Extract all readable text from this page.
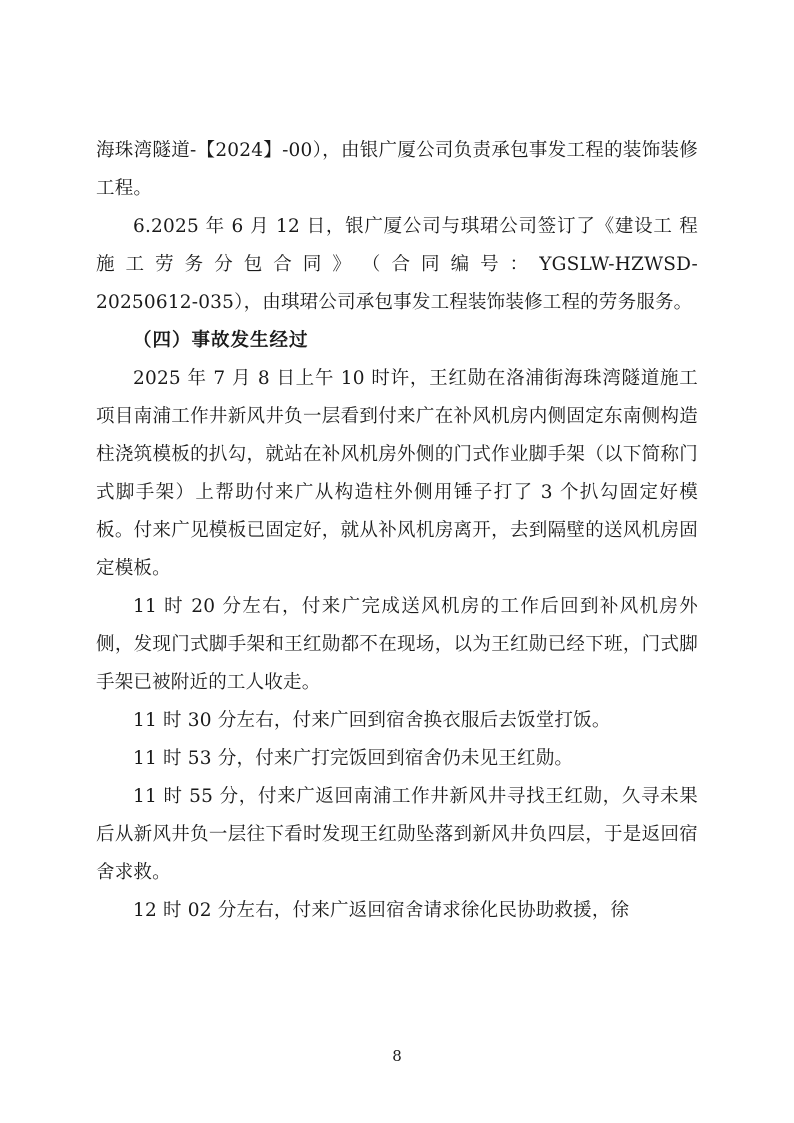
海珠湾隧道-【2024】-00），由银广厦公司负责承包事发工程的装饰装修工程。

6.2025 年 6 月 12 日，银广厦公司与琪珺公司签订了《建设工 程 施 工 劳 务 分 包 合 同 》 （ 合 同 编 号 ： YGSLW-HZWSD-20250612-035），由琪珺公司承包事发工程装饰装修工程的劳务服务。

（四）事故发生经过

2025 年 7 月 8 日上午 10 时许，王红勋在洛浦街海珠湾隧道施工项目南浦工作井新风井负一层看到付来广在补风机房内侧固定东南侧构造柱浇筑模板的扒勾，就站在补风机房外侧的门式作业脚手架（以下简称门式脚手架）上帮助付来广从构造柱外侧用锤子打了 3 个扒勾固定好模板。付来广见模板已固定好，就从补风机房离开，去到隔壁的送风机房固定模板。

11 时 20 分左右，付来广完成送风机房的工作后回到补风机房外侧，发现门式脚手架和王红勋都不在现场，以为王红勋已经下班，门式脚手架已被附近的工人收走。

11 时 30 分左右，付来广回到宿舍换衣服后去饭堂打饭。

11 时 53 分，付来广打完饭回到宿舍仍未见王红勋。

11 时 55 分，付来广返回南浦工作井新风井寻找王红勋，久寻未果后从新风井负一层往下看时发现王红勋坠落到新风井负四层，于是返回宿舍求救。

12 时 02 分左右，付来广返回宿舍请求徐化民协助救援，徐

8
